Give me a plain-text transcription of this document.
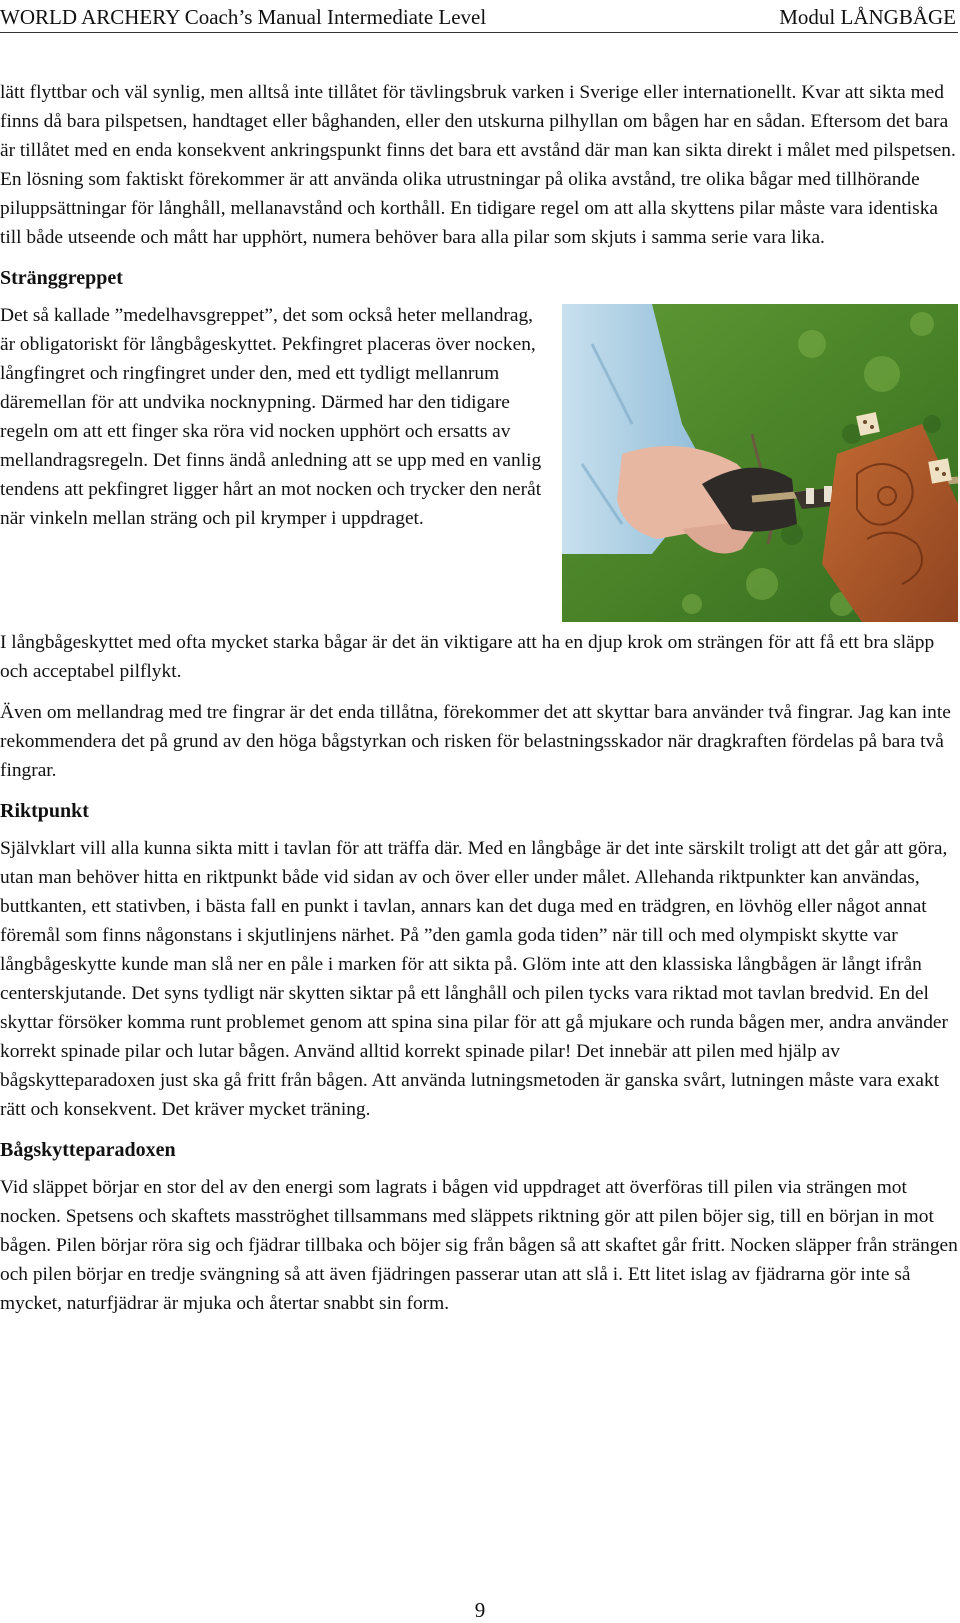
WORLD ARCHERY Coach’s Manual Intermediate Level	Modul LÅNGBÅGE

lätt flyttbar och väl synlig, men alltså inte tillåtet för tävlingsbruk varken i Sverige eller internationellt. Kvar att sikta med finns då bara pilspetsen, handtaget eller båghanden, eller den utskurna pilhyllan om bågen har en sådan. Eftersom det bara är tillåtet med en enda konsekvent ankringspunkt finns det bara ett avstånd där man kan sikta direkt i målet med pilspetsen. En lösning som faktiskt förekommer är att använda olika utrustningar på olika avstånd, tre olika bågar med tillhörande piluppsättningar för långhåll, mellanavstånd och korthåll. En tidigare regel om att alla skyttens pilar måste vara identiska till både utseende och mått har upphört, numera behöver bara alla pilar som skjuts i samma serie vara lika.

Stränggreppet

Det så kallade ”medelhavsgreppet”, det som också heter mellandrag, är obligatoriskt för långbågeskyttet. Pekfingret placeras över nocken, långfingret och ringfingret under den, med ett tydligt mellanrum däremellan för att undvika nocknypning. Därmed har den tidigare regeln om att ett finger ska röra vid nocken upphört och ersatts av mellandragsregeln. Det finns ändå anledning att se upp med en vanlig tendens att pekfingret ligger hårt an mot nocken och trycker den neråt när vinkeln mellan sträng och pil krymper i uppdraget.

I långbågeskyttet med ofta mycket starka bågar är det än viktigare att ha en djup krok om strängen för att få ett bra släpp och acceptabel pilflykt.

Även om mellandrag med tre fingrar är det enda tillåtna, förekommer det att skyttar bara använder två fingrar. Jag kan inte rekommendera det på grund av den höga bågstyrkan och risken för belastningsskador när dragkraften fördelas på bara två fingrar.

Riktpunkt

Självklart vill alla kunna sikta mitt i tavlan för att träffa där. Med en långbåge är det inte särskilt troligt att det går att göra, utan man behöver hitta en riktpunkt både vid sidan av och över eller under målet. Allehanda riktpunkter kan användas, buttkanten, ett stativben, i bästa fall en punkt i tavlan, annars kan det duga med en trädgren, en lövhög eller något annat föremål som finns någonstans i skjutlinjens närhet. På ”den gamla goda tiden” när till och med olympiskt skytte var långbågeskytte kunde man slå ner en påle i marken för att sikta på. Glöm inte att den klassiska långbågen är långt ifrån centerskjutande. Det syns tydligt när skytten siktar på ett långhåll och pilen tycks vara riktad mot tavlan bredvid. En del skyttar försöker komma runt problemet genom att spina sina pilar för att gå mjukare och runda bågen mer, andra använder korrekt spinade pilar och lutar bågen. Använd alltid korrekt spinade pilar! Det innebär att pilen med hjälp av bågskytteparadoxen just ska gå fritt från bågen. Att använda lutningsmetoden är ganska svårt, lutningen måste vara exakt rätt och konsekvent. Det kräver mycket träning.

Bågskytteparadoxen

Vid släppet börjar en stor del av den energi som lagrats i bågen vid uppdraget att överföras till pilen via strängen mot nocken. Spetsens och skaftets masströghet tillsammans med släppets riktning gör att pilen böjer sig, till en början in mot bågen. Pilen börjar röra sig och fjädrar tillbaka och böjer sig från bågen så att skaftet går fritt. Nocken släpper från strängen och pilen börjar en tredje svängning så att även fjädringen passerar utan att slå i. Ett litet islag av fjädrarna gör inte så mycket, naturfjädrar är mjuka och återtar snabbt sin form.

9
